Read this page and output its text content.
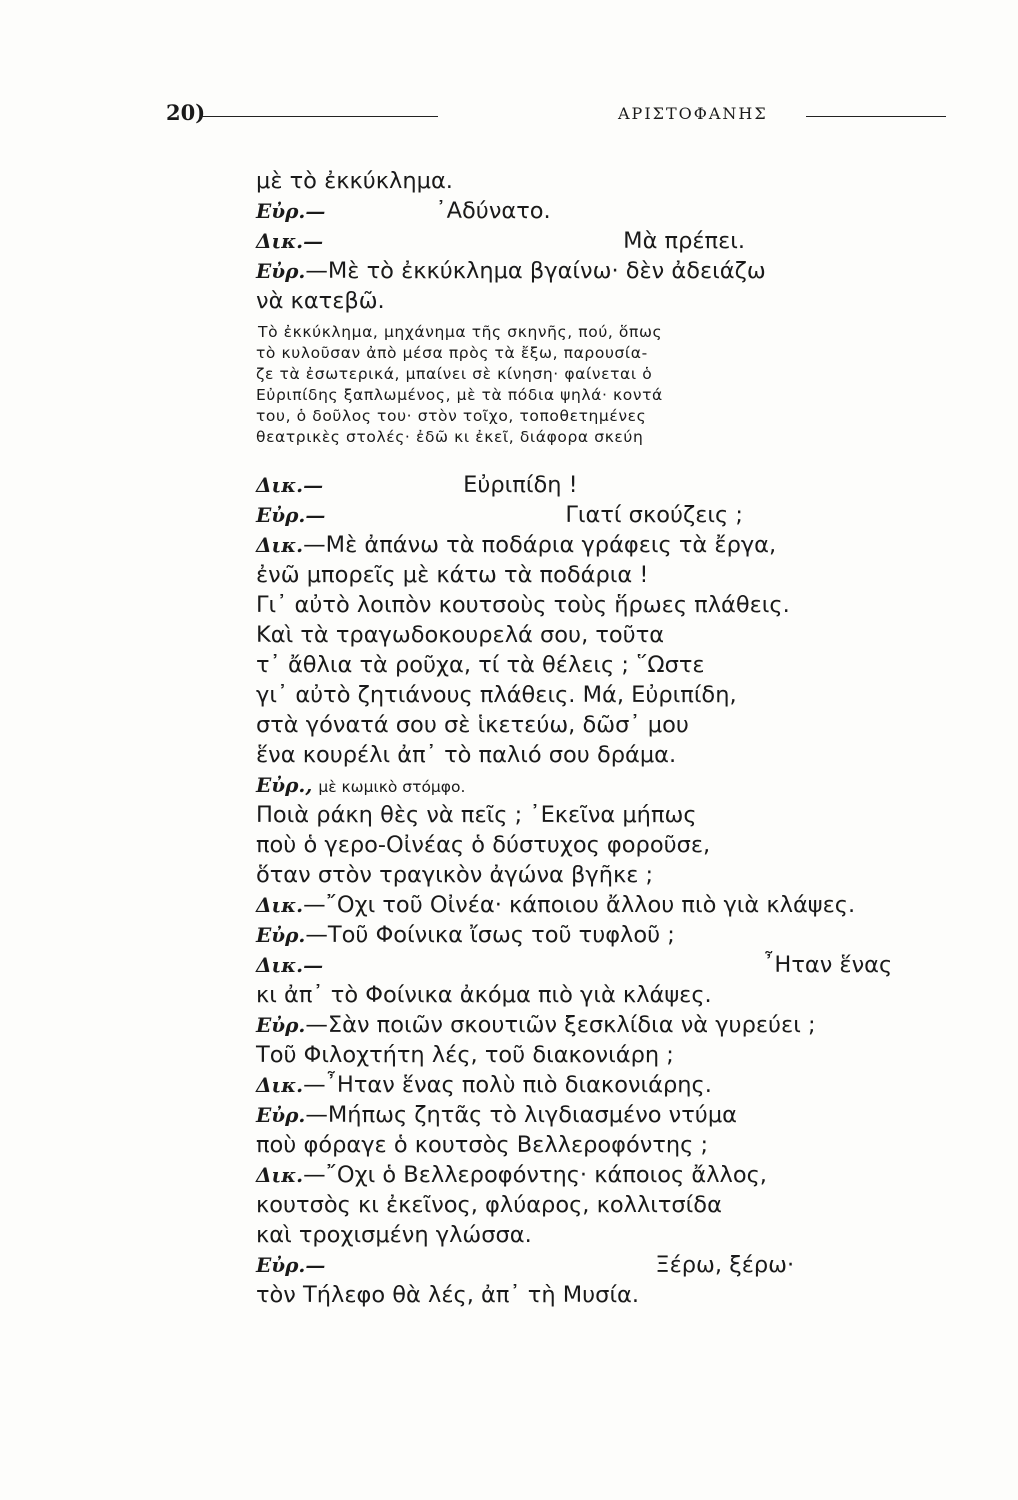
20)	ΑΡΙΣΤΟΦΑΝΗΣ
μὲ τὸ ἐκκύκλημα.
Εὐρ.—	᾿Αδύνατο.
Δικ.—	Μὰ πρέπει.
Εὐρ.—Μὲ τὸ ἐκκύκλημα βγαίνω· δὲν ἀδειάζω
νὰ κατεβῶ.
Τὸ ἐκκύκλημα, μηχάνημα τῆς σκηνῆς, πού, ὅπως
τὸ κυλοῦσαν ἀπὸ μέσα πρὸς τὰ ἔξω, παρουσία-
ζε τὰ ἐσωτερικά, μπαίνει σὲ κίνηση· φαίνεται ὁ
Εὐριπίδης ξαπλωμένος, μὲ τὰ πόδια ψηλά· κοντά
του, ὁ δοῦλος του· στὸν τοῖχο, τοποθετημένες
θεατρικὲς στολές· ἐδῶ κι ἐκεῖ, διάφορα σκεύη
Δικ.—	Εὐριπίδη !
Εὐρ.—	Γιατί σκούζεις ;
Δικ.—Μὲ ἀπάνω τὰ ποδάρια γράφεις τὰ ἔργα,
ἐνῶ μπορεῖς μὲ κάτω τὰ ποδάρια !
Γι᾿ αὐτὸ λοιπὸν κουτσοὺς τοὺς ἥρωες πλάθεις.
Καὶ τὰ τραγωδοκουρελά σου, τοῦτα
τ᾿ ἄθλια τὰ ροῦχα, τί τὰ θέλεις ; ῞Ωστε
γι᾿ αὐτὸ ζητιάνους πλάθεις. Μά, Εὐριπίδη,
στὰ γόνατά σου σὲ ἱκετεύω, δῶσ᾿ μου
ἕνα κουρέλι ἀπ᾿ τὸ παλιό σου δράμα.
Εὐρ., μὲ κωμικὸ στόμφο.
Ποιὰ ράκη θὲς νὰ πεῖς ; ᾿Εκεῖνα μήπως
ποὺ ὁ γερο-Οἰνέας ὁ δύστυχος φοροῦσε,
ὅταν στὸν τραγικὸν ἀγώνα βγῆκε ;
Δικ.—῎Οχι τοῦ Οἰνέα· κάποιου ἄλλου πιὸ γιὰ κλάψες.
Εὐρ.—Τοῦ Φοίνικα ἴσως τοῦ τυφλοῦ ;
Δικ.—	῏Ηταν ἕνας
κι ἀπ᾿ τὸ Φοίνικα ἀκόμα πιὸ γιὰ κλάψες.
Εὐρ.—Σὰν ποιῶν σκουτιῶν ξεσκλίδια νὰ γυρεύει ;
Τοῦ Φιλοχτήτη λές, τοῦ διακονιάρη ;
Δικ.—῏Ηταν ἕνας πολὺ πιὸ διακονιάρης.
Εὐρ.—Μήπως ζητᾶς τὸ λιγδιασμένο ντύμα
ποὺ φόραγε ὁ κουτσὸς Βελλεροφόντης ;
Δικ.—῎Οχι ὁ Βελλεροφόντης· κάποιος ἄλλος,
κουτσὸς κι ἐκεῖνος, φλύαρος, κολλιτσίδα
καὶ τροχισμένη γλώσσα.
Εὐρ.—	Ξέρω, ξέρω·
τὸν Τήλεφο θὰ λές, ἀπ᾿ τὴ Μυσία.
